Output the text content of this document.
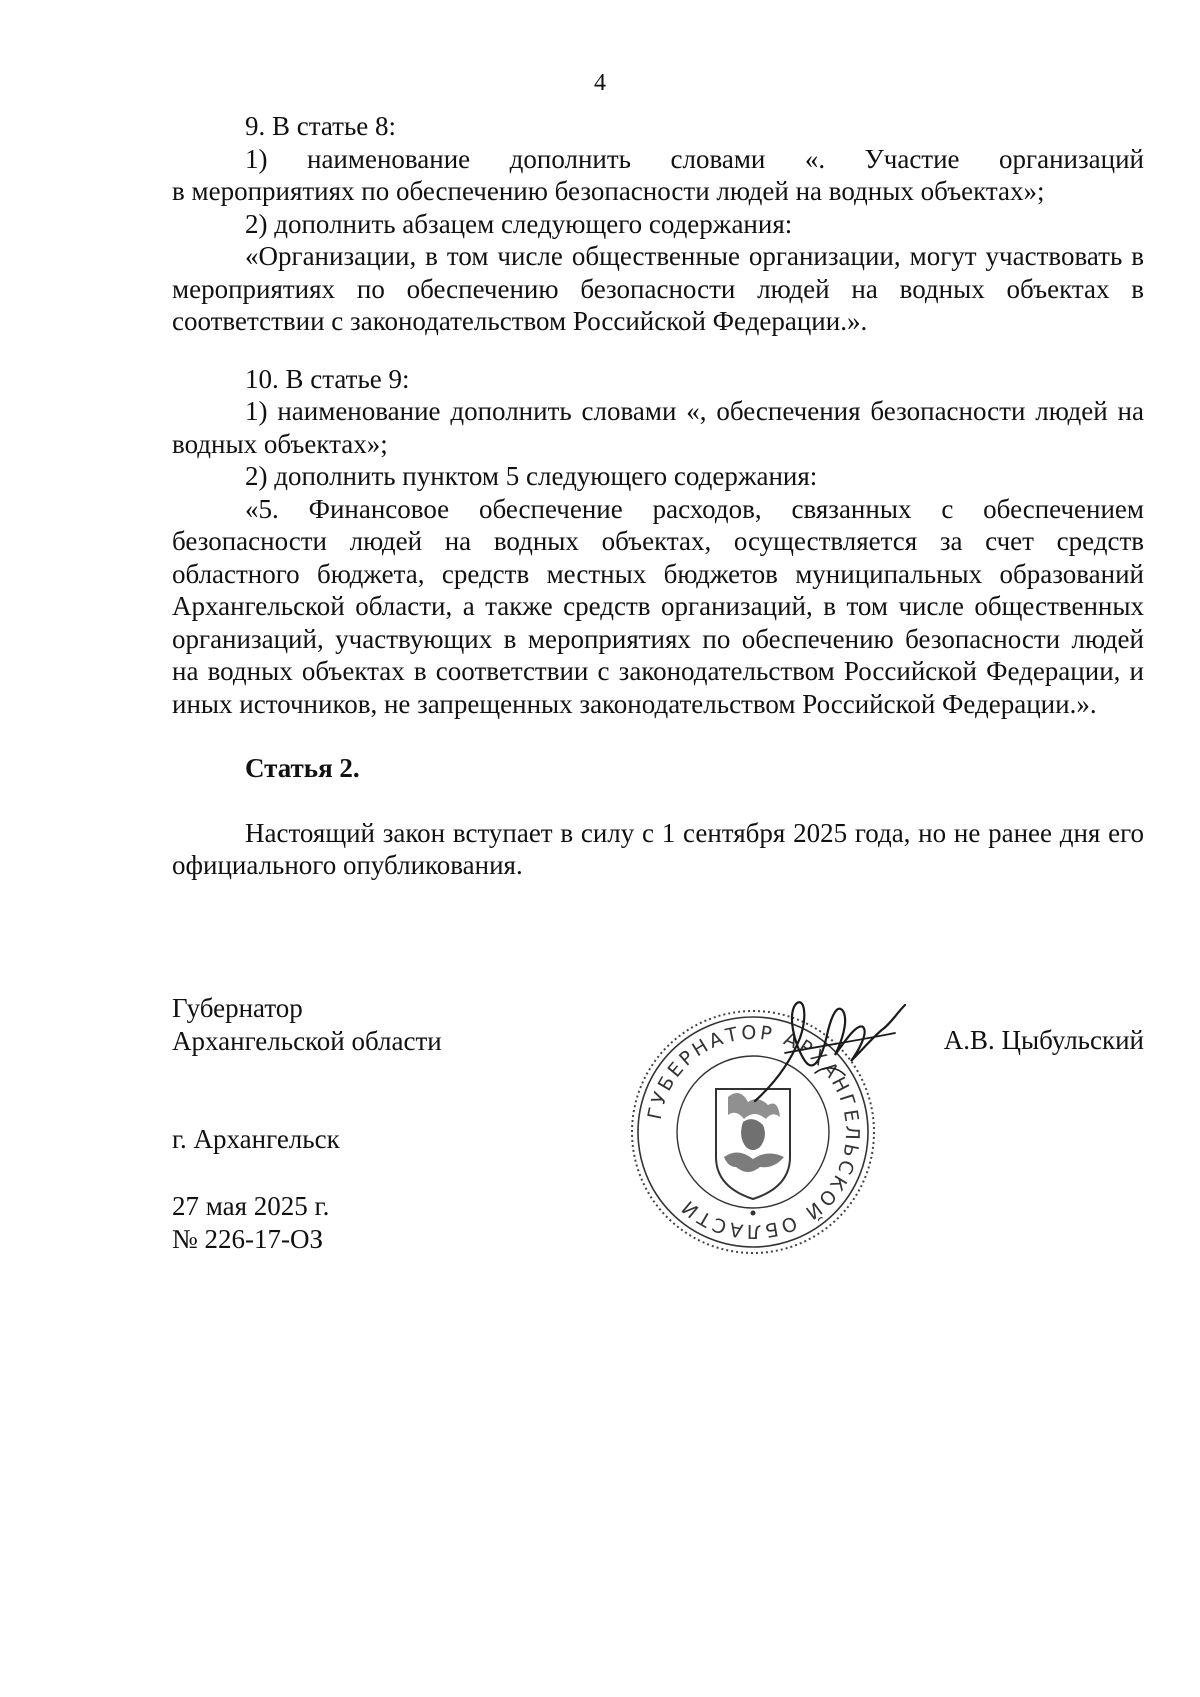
4

9. В статье 8:

1) наименование дополнить словами «. Участие организаций

в мероприятиях по обеспечению безопасности людей на водных объектах»;

2) дополнить абзацем следующего содержания:

«Организации, в том числе общественные организации, могут участвовать в мероприятиях по обеспечению безопасности людей на водных объектах в соответствии с законодательством Российской Федерации.».

10. В статье 9:

1) наименование дополнить словами «, обеспечения безопасности людей на водных объектах»;

2) дополнить пунктом 5 следующего содержания:

«5. Финансовое обеспечение расходов, связанных с обеспечением безопасности людей на водных объектах, осуществляется за счет средств областного бюджета, средств местных бюджетов муниципальных образований Архангельской области, а также средств организаций, в том числе общественных организаций, участвующих в мероприятиях по обеспечению безопасности людей на водных объектах в соответствии с законодательством Российской Федерации, и иных источников, не запрещенных законодательством Российской Федерации.».

Статья 2.

Настоящий закон вступает в силу с 1 сентября 2025 года, но не ранее дня его официального опубликования.

Губернатор
Архангельской области	А.В. Цыбульский
г. Архангельск
27 мая 2025 г.
№ 226-17-ОЗ
ГУБЕРНАТОР АРХАНГЕЛЬСКОЙ ОБЛАСТИ
